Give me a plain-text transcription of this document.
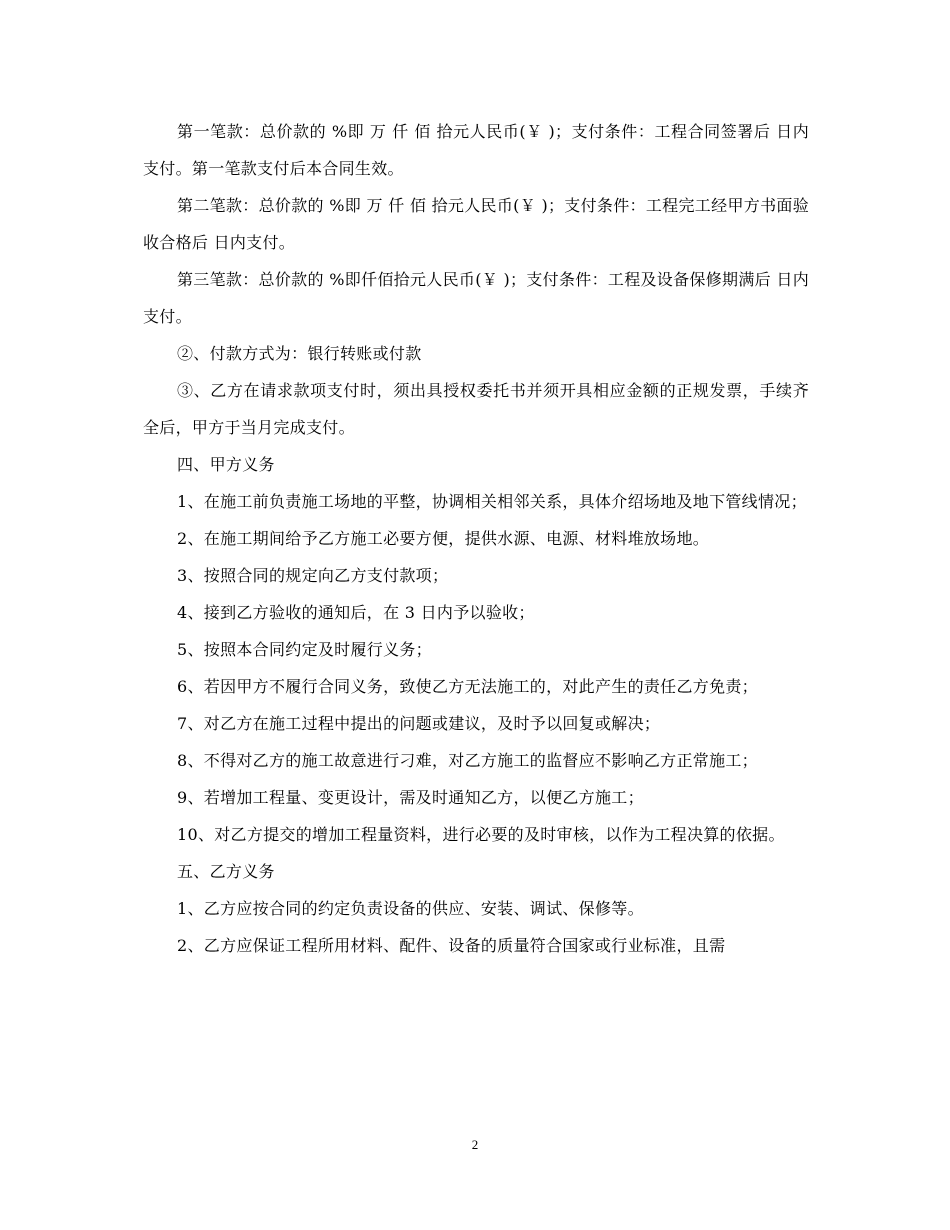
第一笔款：总价款的 %即 万 仟 佰 拾元人民币(￥ )；支付条件：工程合同签署后 日内支付。第一笔款支付后本合同生效。

第二笔款：总价款的 %即 万 仟 佰 拾元人民币(￥ )；支付条件：工程完工经甲方书面验收合格后 日内支付。

第三笔款：总价款的 %即仟佰拾元人民币(￥ )；支付条件：工程及设备保修期满后 日内支付。

②、付款方式为：银行转账或付款

③、乙方在请求款项支付时，须出具授权委托书并须开具相应金额的正规发票，手续齐全后，甲方于当月完成支付。

四、甲方义务

1、在施工前负责施工场地的平整，协调相关相邻关系，具体介绍场地及地下管线情况；

2、在施工期间给予乙方施工必要方便，提供水源、电源、材料堆放场地。

3、按照合同的规定向乙方支付款项；

4、接到乙方验收的通知后，在 3 日内予以验收；

5、按照本合同约定及时履行义务；

6、若因甲方不履行合同义务，致使乙方无法施工的，对此产生的责任乙方免责；

7、对乙方在施工过程中提出的问题或建议，及时予以回复或解决；

8、不得对乙方的施工故意进行刁难，对乙方施工的监督应不影响乙方正常施工；

9、若增加工程量、变更设计，需及时通知乙方，以便乙方施工；

10、对乙方提交的增加工程量资料，进行必要的及时审核，以作为工程决算的依据。

五、乙方义务

1、乙方应按合同的约定负责设备的供应、安装、调试、保修等。

2、乙方应保证工程所用材料、配件、设备的质量符合国家或行业标准，且需

2
